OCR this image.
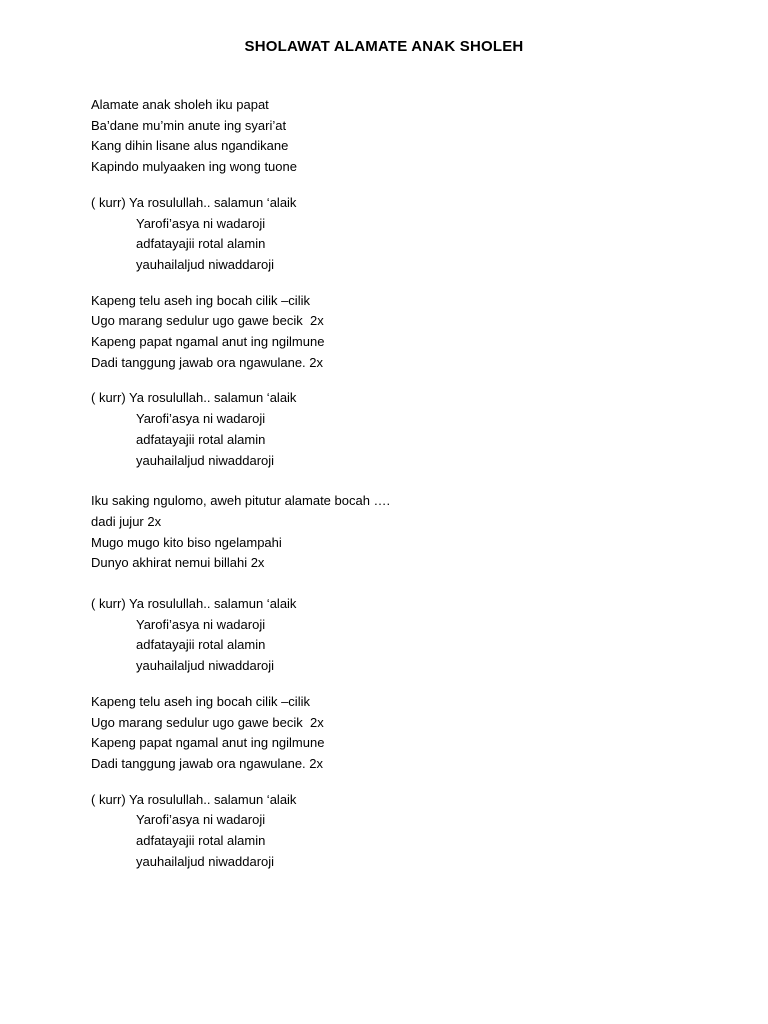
SHOLAWAT ALAMATE ANAK SHOLEH
Alamate anak sholeh iku papat
Ba’dane mu’min anute ing syari’at
Kang dihin lisane alus ngandikane
Kapindo mulyaaken ing wong tuone
( kurr) Ya rosulullah.. salamun ‘alaik
Yarofi’asya ni wadaroji
adfatayajii rotal alamin
yauhailaljud niwaddaroji
Kapeng telu aseh ing bocah cilik –cilik
Ugo marang sedulur ugo gawe becik  2x
Kapeng papat ngamal anut ing ngilmune
Dadi tanggung jawab ora ngawulane. 2x
( kurr) Ya rosulullah.. salamun ‘alaik
Yarofi’asya ni wadaroji
adfatayajii rotal alamin
yauhailaljud niwaddaroji
Iku saking ngulomo, aweh pitutur alamate bocah ….
dadi jujur 2x
Mugo mugo kito biso ngelampahi
Dunyo akhirat nemui billahi 2x
( kurr) Ya rosulullah.. salamun ‘alaik
Yarofi’asya ni wadaroji
adfatayajii rotal alamin
yauhailaljud niwaddaroji
Kapeng telu aseh ing bocah cilik –cilik
Ugo marang sedulur ugo gawe becik  2x
Kapeng papat ngamal anut ing ngilmune
Dadi tanggung jawab ora ngawulane. 2x
( kurr) Ya rosulullah.. salamun ‘alaik
Yarofi’asya ni wadaroji
adfatayajii rotal alamin
yauhailaljud niwaddaroji
